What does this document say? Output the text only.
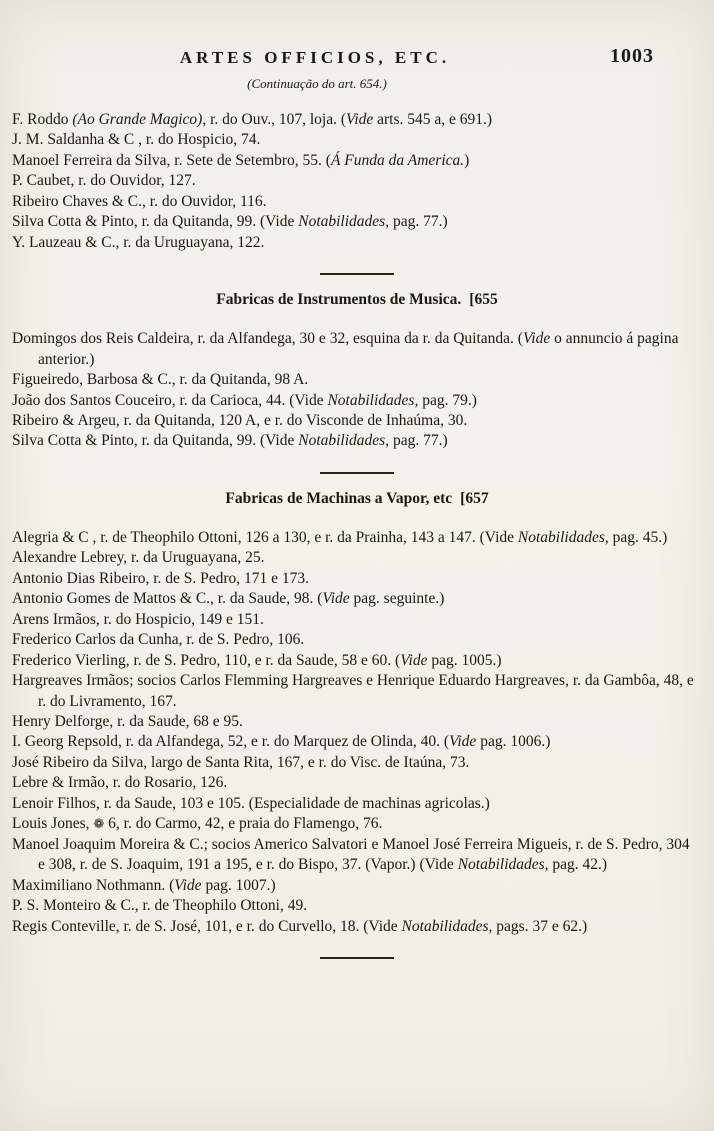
ARTES OFFICIOS, ETC.	1003
(Continuação do art. 654.)

F. Roddo (Ao Grande Magico), r. do Ouv., 107, loja. (Vide arts. 545 a, e 691.)

J. M. Saldanha & C , r. do Hospicio, 74.

Manoel Ferreira da Silva, r. Sete de Setembro, 55. (Á Funda da America.)

P. Caubet, r. do Ouvidor, 127.

Ribeiro Chaves & C., r. do Ouvidor, 116.

Silva Cotta & Pinto, r. da Quitanda, 99. (Vide Notabilidades, pag. 77.)

Y. Lauzeau & C., r. da Uruguayana, 122.

Fabricas de Instrumentos de Musica. [655

Domingos dos Reis Caldeira, r. da Alfandega, 30 e 32, esquina da r. da Quitanda. (Vide o annuncio á pagina anterior.)

Figueiredo, Barbosa & C., r. da Quitanda, 98 A.

João dos Santos Couceiro, r. da Carioca, 44. (Vide Notabilidades, pag. 79.)

Ribeiro & Argeu, r. da Quitanda, 120 A, e r. do Visconde de Inhaúma, 30.

Silva Cotta & Pinto, r. da Quitanda, 99. (Vide Notabilidades, pag. 77.)

Fabricas de Machinas a Vapor, etc [657

Alegria & C , r. de Theophilo Ottoni, 126 a 130, e r. da Prainha, 143 a 147. (Vide Notabilidades, pag. 45.)

Alexandre Lebrey, r. da Uruguayana, 25.

Antonio Dias Ribeiro, r. de S. Pedro, 171 e 173.

Antonio Gomes de Mattos & C., r. da Saude, 98. (Vide pag. seguinte.)

Arens Irmãos, r. do Hospicio, 149 e 151.

Frederico Carlos da Cunha, r. de S. Pedro, 106.

Frederico Vierling, r. de S. Pedro, 110, e r. da Saude, 58 e 60. (Vide pag. 1005.)

Hargreaves Irmãos; socios Carlos Flemming Hargreaves e Henrique Eduardo Hargreaves, r. da Gambôa, 48, e r. do Livramento, 167.

Henry Delforge, r. da Saude, 68 e 95.

I. Georg Repsold, r. da Alfandega, 52, e r. do Marquez de Olinda, 40. (Vide pag. 1006.)

José Ribeiro da Silva, largo de Santa Rita, 167, e r. do Visc. de Itaúna, 73.

Lebre & Irmão, r. do Rosario, 126.

Lenoir Filhos, r. da Saude, 103 e 105. (Especialidade de machinas agricolas.)

Louis Jones, ❁ 6, r. do Carmo, 42, e praia do Flamengo, 76.

Manoel Joaquim Moreira & C.; socios Americo Salvatori e Manoel José Ferreira Migueis, r. de S. Pedro, 304 e 308, r. de S. Joaquim, 191 a 195, e r. do Bispo, 37. (Vapor.) (Vide Notabilidades, pag. 42.)

Maximiliano Nothmann. (Vide pag. 1007.)

P. S. Monteiro & C., r. de Theophilo Ottoni, 49.

Regis Conteville, r. de S. José, 101, e r. do Curvello, 18. (Vide Notabilidades, pags. 37 e 62.)
